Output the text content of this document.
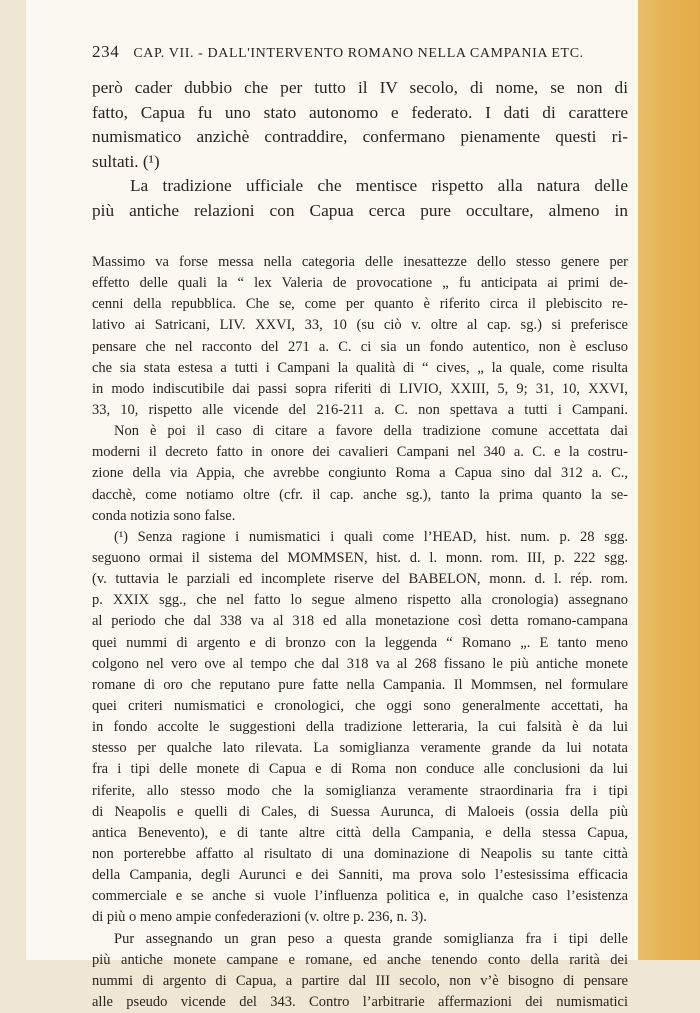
234 CAP. VII. - DALL'INTERVENTO ROMANO NELLA CAMPANIA ETC.
però cader dubbio che per tutto il IV secolo, di nome, se non di
fatto, Capua fu uno stato autonomo e federato. I dati di carattere
numismatico anzichè contraddire, confermano pienamente questi ri-
sultati. (¹)
La tradizione ufficiale che mentisce rispetto alla natura delle
più antiche relazioni con Capua cerca pure occultare, almeno in
Massimo va forse messa nella categoria delle inesattezze dello stesso genere per
effetto delle quali la “ lex Valeria de provocatione „ fu anticipata ai primi de-
cenni della repubblica. Che se, come per quanto è riferito circa il plebiscito re-
lativo ai Satricani, LIV. XXVI, 33, 10 (su ciò v. oltre al cap. sg.) si preferisce
pensare che nel racconto del 271 a. C. ci sia un fondo autentico, non è escluso
che sia stata estesa a tutti i Campani la qualità di “ cives, „ la quale, come risulta
in modo indiscutibile dai passi sopra riferiti di LIVIO, XXIII, 5, 9; 31, 10, XXVI,
33, 10, rispetto alle vicende del 216-211 a. C. non spettava a tutti i Campani.
Non è poi il caso di citare a favore della tradizione comune accettata dai
moderni il decreto fatto in onore dei cavalieri Campani nel 340 a. C. e la costru-
zione della via Appia, che avrebbe congiunto Roma a Capua sino dal 312 a. C.,
dacchè, come notiamo oltre (cfr. il cap. anche sg.), tanto la prima quanto la se-
conda notizia sono false.
(¹) Senza ragione i numismatici i quali come l’HEAD, hist. num. p. 28 sgg.
seguono ormai il sistema del MOMMSEN, hist. d. l. monn. rom. III, p. 222 sgg.
(v. tuttavia le parziali ed incomplete riserve del BABELON, monn. d. l. rép. rom.
p. XXIX sgg., che nel fatto lo segue almeno rispetto alla cronologia) assegnano
al periodo che dal 338 va al 318 ed alla monetazione così detta romano-campana
quei nummi di argento e di bronzo con la leggenda “ Romano „. E tanto meno
colgono nel vero ove al tempo che dal 318 va al 268 fissano le più antiche monete
romane di oro che reputano pure fatte nella Campania. Il Mommsen, nel formulare
quei criteri numismatici e cronologici, che oggi sono generalmente accettati, ha
in fondo accolte le suggestioni della tradizione letteraria, la cui falsità è da lui
stesso per qualche lato rilevata. La somiglianza veramente grande da lui notata
fra i tipi delle monete di Capua e di Roma non conduce alle conclusioni da lui
riferite, allo stesso modo che la somiglianza veramente straordinaria fra i tipi
di Neapolis e quelli di Cales, di Suessa Aurunca, di Maloeis (ossia della più
antica Benevento), e di tante altre città della Campania, e della stessa Capua,
non porterebbe affatto al risultato di una dominazione di Neapolis su tante città
della Campania, degli Aurunci e dei Sanniti, ma prova solo l’estesissima efficacia
commerciale e se anche si vuole l’influenza politica e, in qualche caso l’esistenza
di più o meno ampie confederazioni (v. oltre p. 236, n. 3).
Pur assegnando un gran peso a questa grande somiglianza fra i tipi delle
più antiche monete campane e romane, ed anche tenendo conto della rarità dei
nummi di argento di Capua, a partire dal III secolo, non v’è bisogno di pensare
alle pseudo vicende del 343. Contro l’arbitrarie affermazioni dei numismatici
